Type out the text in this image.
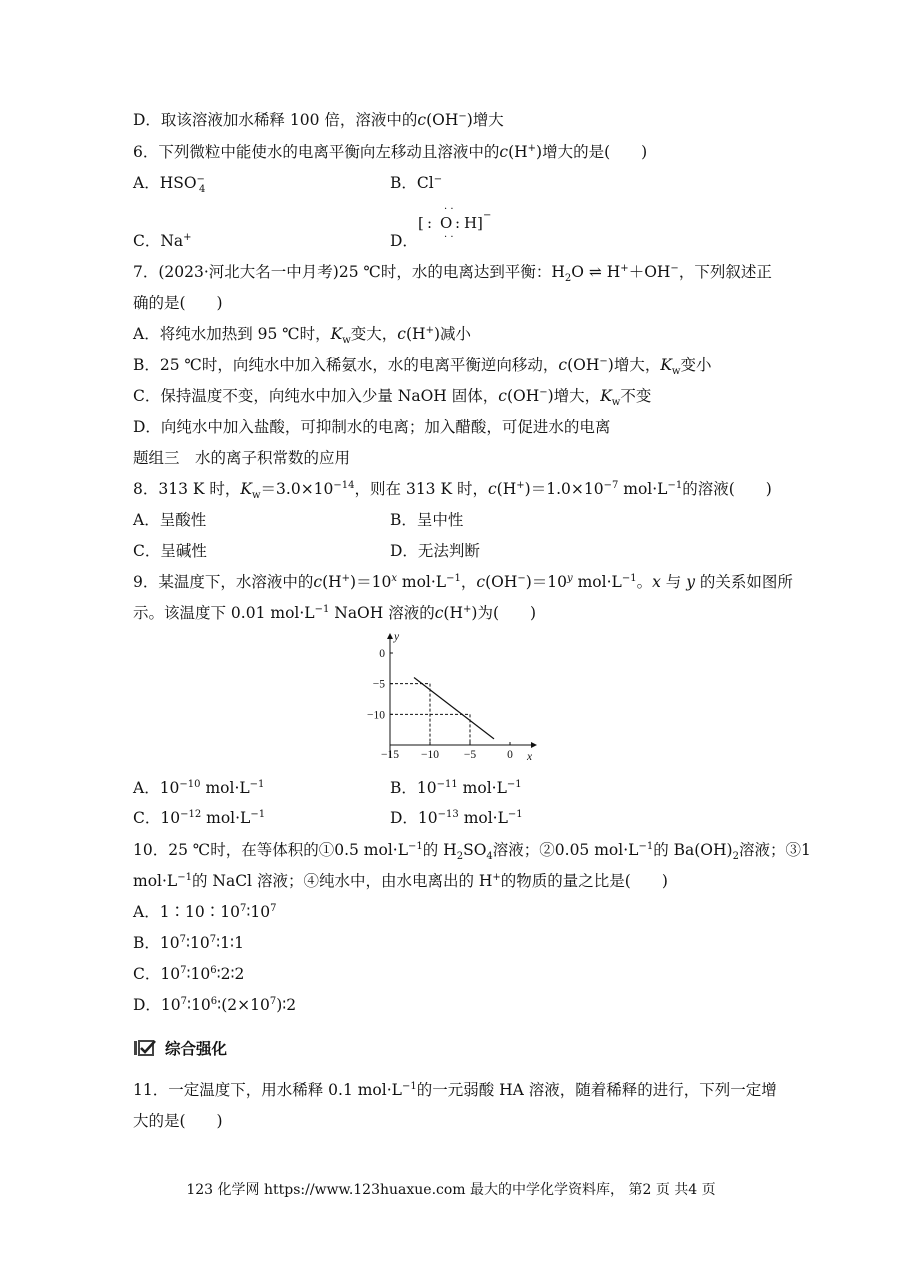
D．取该溶液加水稀释 100 倍，溶液中的c(OH−)增大
6．下列微粒中能使水的电离平衡向左移动且溶液中的c(H+)增大的是(　　)
A．$HSO^-_4$	B．Cl−
C．Na+	D．
· ·
[ : O : H ] −
· ·
7．(2023·河北大名一中月考)25 ℃时，水的电离达到平衡：$H_2O$ ⇌ H+＋OH−，下列叙述正
确的是(　　)
A．将纯水加热到 95 ℃时，$K_w$变大，c(H+)减小
B．25 ℃时，向纯水中加入稀氨水，水的电离平衡逆向移动，c(OH−)增大，$K_w$变小
C．保持温度不变，向纯水中加入少量 NaOH 固体，c(OH−)增大，$K_w$不变
D．向纯水中加入盐酸，可抑制水的电离；加入醋酸，可促进水的电离
题组三　水的离子积常数的应用
8．313 K 时，$K_w=3.0\times 10^{-14}$，则在 313 K 时，$c(H^+)=1.0\times 10^{-7}$ $mol\cdot L^{-1}$的溶液(　　)
A．呈酸性	B．呈中性
C．呈碱性	D．无法判断
9．某温度下，水溶液中的$c(H^+)=10^x$ $mol\cdot L^{-1}$，$c(OH^-)=10^y$ $mol\cdot L^{-1}$。x 与 y 的关系如图所
示。该温度下 0.01 $mol\cdot L^{-1}$ NaOH 溶液的c(H+)为(　　)
y
x
−15 −10 −5	0
0
−5
−10
A．$10^{-10}$ $mol\cdot L^{-1}$	B．$10^{-11}$ $mol\cdot L^{-1}$
C．$10^{-12}$ $mol\cdot L^{-1}$	D．$10^{-13}$ $mol\cdot L^{-1}$
10．25 ℃时，在等体积的①0.5 $mol\cdot L^{-1}$的 $H_2SO_4$溶液；②0.05 $mol\cdot L^{-1}$的 $Ba(OH)_2$溶液；③1
$mol\cdot L^{-1}$的 NaCl 溶液；④纯水中，由水电离出的 H+的物质的量之比是(　　)
A．$1∶10∶10^7∶10^7$
B．$10^7∶10^7∶1∶1$
C．$10^7∶10^6∶2∶2$
D．$10^7∶10^6∶(2\times 10^7)∶2$
综合强化
11．一定温度下，用水稀释 0.1 $mol\cdot L^{-1}$的一元弱酸 HA 溶液，随着稀释的进行，下列一定增
大的是(　　)
123 化学网 https://www.123huaxue.com 最大的中学化学资料库， 第2 页 共4 页
